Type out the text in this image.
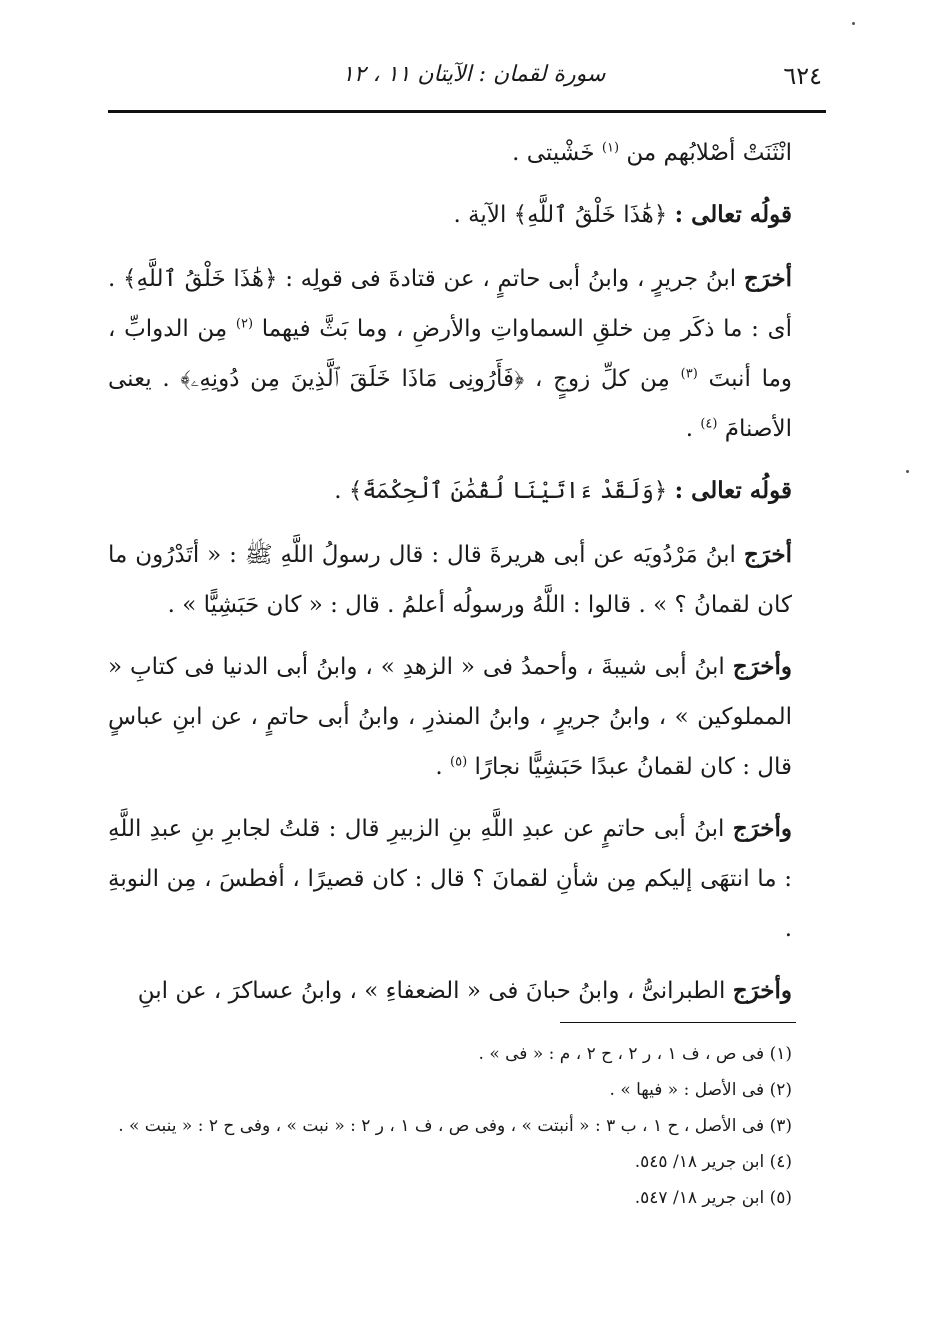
٦٢٤
سورة لقمان : الآيتان ١١ ، ١٢

انْثَنَتْ أصْلابُهم من $^{(١)}$ خَشْيتى .

قولُه تعالى : ﴿هَٰذَا خَلْقُ ٱللَّهِ﴾ الآية .

أخرَج ابنُ جريرٍ ، وابنُ أبى حاتمٍ ، عن قتادةَ فى قولِه : ﴿هَٰذَا خَلْقُ ٱللَّهِ﴾ . أى : ما ذكَر مِن خلقِ السماواتِ والأرضِ ، وما بَثَّ فيهما $^{(٢)}$ مِن الدوابِّ ، وما أنبتَ $^{(٣)}$ مِن كلِّ زوجٍ ، ﴿فَأَرُونِى مَاذَا خَلَقَ ٱلَّذِينَ مِن دُونِهِۦ﴾ . يعنى الأصنامَ $^{(٤)}$ .

قولُه تعالى : ﴿وَلَقَدْ ءَاتَيْنَا لُقْمَٰنَ ٱلْحِكْمَةَ﴾ .

أخرَج ابنُ مَرْدُويَه عن أبى هريرةَ قال : قال رسولُ اللَّهِ ﷺ : « أتَدْرُون ما كان لقمانُ ؟ » . قالوا : اللَّهُ ورسولُه أعلمُ . قال : « كان حَبَشِيًّا » .

وأخرَج ابنُ أبى شيبةَ ، وأحمدُ فى « الزهدِ » ، وابنُ أبى الدنيا فى كتابِ « المملوكين » ، وابنُ جريرٍ ، وابنُ المنذرِ ، وابنُ أبى حاتمٍ ، عن ابنِ عباسٍ قال : كان لقمانُ عبدًا حَبَشِيًّا نجارًا $^{(٥)}$ .

وأخرَج ابنُ أبى حاتمٍ عن عبدِ اللَّهِ بنِ الزبيرِ قال : قلتُ لجابرِ بنِ عبدِ اللَّهِ : ما انتهَى إليكم مِن شأنِ لقمانَ ؟ قال : كان قصيرًا ، أفطسَ ، مِن النوبةِ .

وأخرَج الطبرانىُّ ، وابنُ حبانَ فى « الضعفاءِ » ، وابنُ عساكرَ ، عن ابنِ

(١) فى ص ، ف ١ ، ر ٢ ، ح ٢ ، م : « فى » .
(٢) فى الأصل : « فيها » .
(٣) فى الأصل ، ح ١ ، ب ٣ : « أنبتت » ، وفى ص ، ف ١ ، ر ٢ : « نبت » ، وفى ح ٢ : « ينبت » .
(٤) ابن جرير ١٨/ ٥٤٥.
(٥) ابن جرير ١٨/ ٥٤٧.
